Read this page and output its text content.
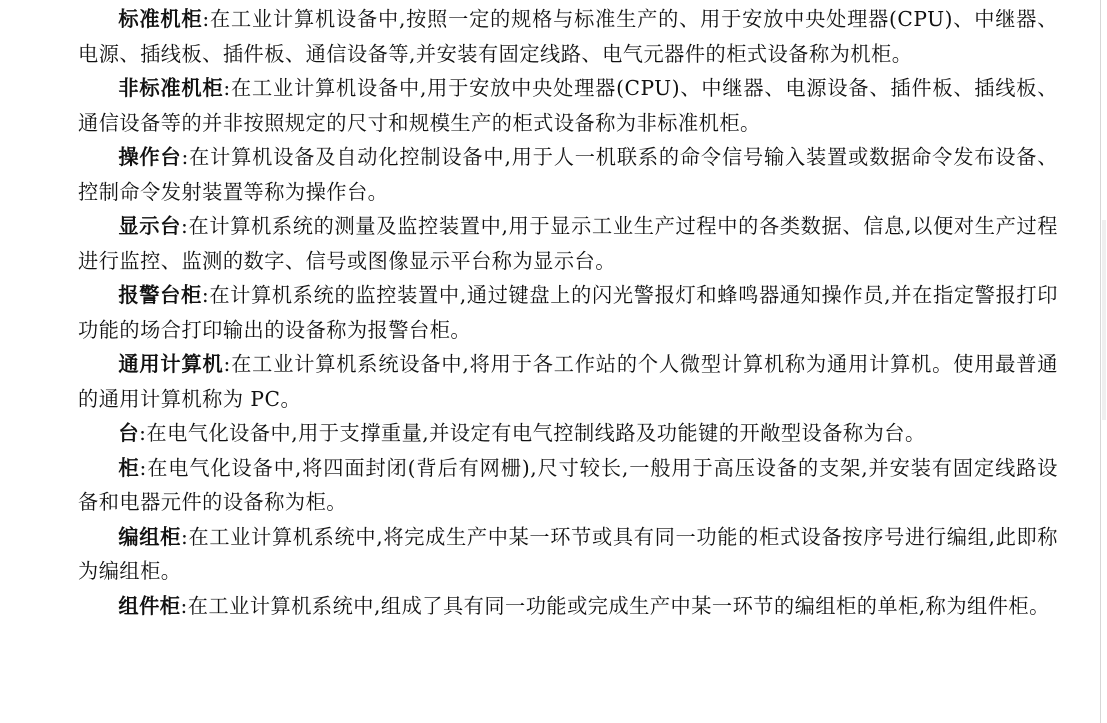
标准机柜:在工业计算机设备中,按照一定的规格与标准生产的、用于安放中央处理器(CPU)、中继器、电源、插线板、插件板、通信设备等,并安装有固定线路、电气元器件的柜式设备称为机柜。

非标准机柜:在工业计算机设备中,用于安放中央处理器(CPU)、中继器、电源设备、插件板、插线板、通信设备等的并非按照规定的尺寸和规模生产的柜式设备称为非标准机柜。

操作台:在计算机设备及自动化控制设备中,用于人一机联系的命令信号输入装置或数据命令发布设备、控制命令发射装置等称为操作台。

显示台:在计算机系统的测量及监控装置中,用于显示工业生产过程中的各类数据、信息,以便对生产过程进行监控、监测的数字、信号或图像显示平台称为显示台。

报警台柜:在计算机系统的监控装置中,通过键盘上的闪光警报灯和蜂鸣器通知操作员,并在指定警报打印功能的场合打印输出的设备称为报警台柜。

通用计算机:在工业计算机系统设备中,将用于各工作站的个人微型计算机称为通用计算机。使用最普通的通用计算机称为 PC。

台:在电气化设备中,用于支撑重量,并设定有电气控制线路及功能键的开敞型设备称为台。

柜:在电气化设备中,将四面封闭(背后有网栅),尺寸较长,一般用于高压设备的支架,并安装有固定线路设备和电器元件的设备称为柜。

编组柜:在工业计算机系统中,将完成生产中某一环节或具有同一功能的柜式设备按序号进行编组,此即称为编组柜。

组件柜:在工业计算机系统中,组成了具有同一功能或完成生产中某一环节的编组柜的单柜,称为组件柜。
